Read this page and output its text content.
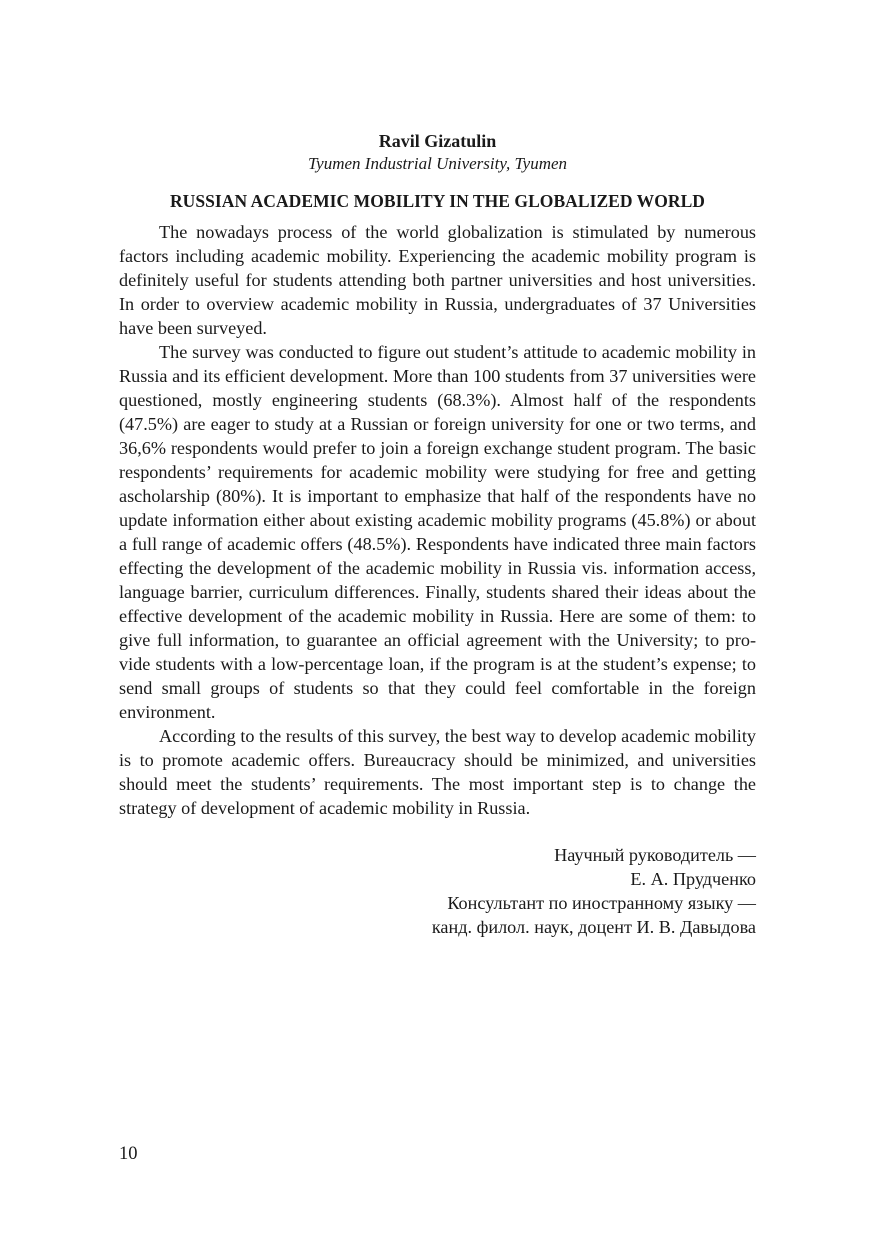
Ravil Gizatulin

Tyumen Industrial University, Tyumen

RUSSIAN ACADEMIC MOBILITY IN THE GLOBALIZED WORLD

The nowadays process of the world globalization is stimulated by numerous factors including academic mobility. Experiencing the academic mobility program is definitely useful for students attending both partner universities and host universities. In order to overview academic mobility in Russia, undergraduates of 37 Universities have been surveyed.

The survey was conducted to figure out student’s attitude to academic mobility in Russia and its efficient development. More than 100 students from 37 universities were questioned, mostly engineering students (68.3%). Almost half of the respondents (47.5%) are eager to study at a Russian or foreign university for one or two terms, and 36,6% respondents would prefer to join a foreign exchange student program. The basic respondents’ requirements for academic mobility were studying for free and getting ascholarship (80%). It is important to emphasize that half of the respondents have no update information either about existing academic mobility programs (45.8%) or about a full range of academic offers (48.5%). Respondents have indicated three main factors effecting the development of the academic mobility in Russia vis. information access, language barrier, curriculum differences. Finally, students shared their ideas about the effective development of the academic mobility in Russia. Here are some of them: to give full information, to guarantee an official agreement with the University; to provide students with a low-percentage loan, if the program is at the student’s expense; to send small groups of students so that they could feel comfortable in the foreign environment.

According to the results of this survey, the best way to develop academic mobility is to promote academic offers. Bureaucracy should be minimized, and universities should meet the students’ requirements. The most important step is to change the strategy of development of academic mobility in Russia.

Научный руководитель —
Е. А. Прудченко
Консультант по иностранному языку —
канд. филол. наук, доцент И. В. Давыдова
10
